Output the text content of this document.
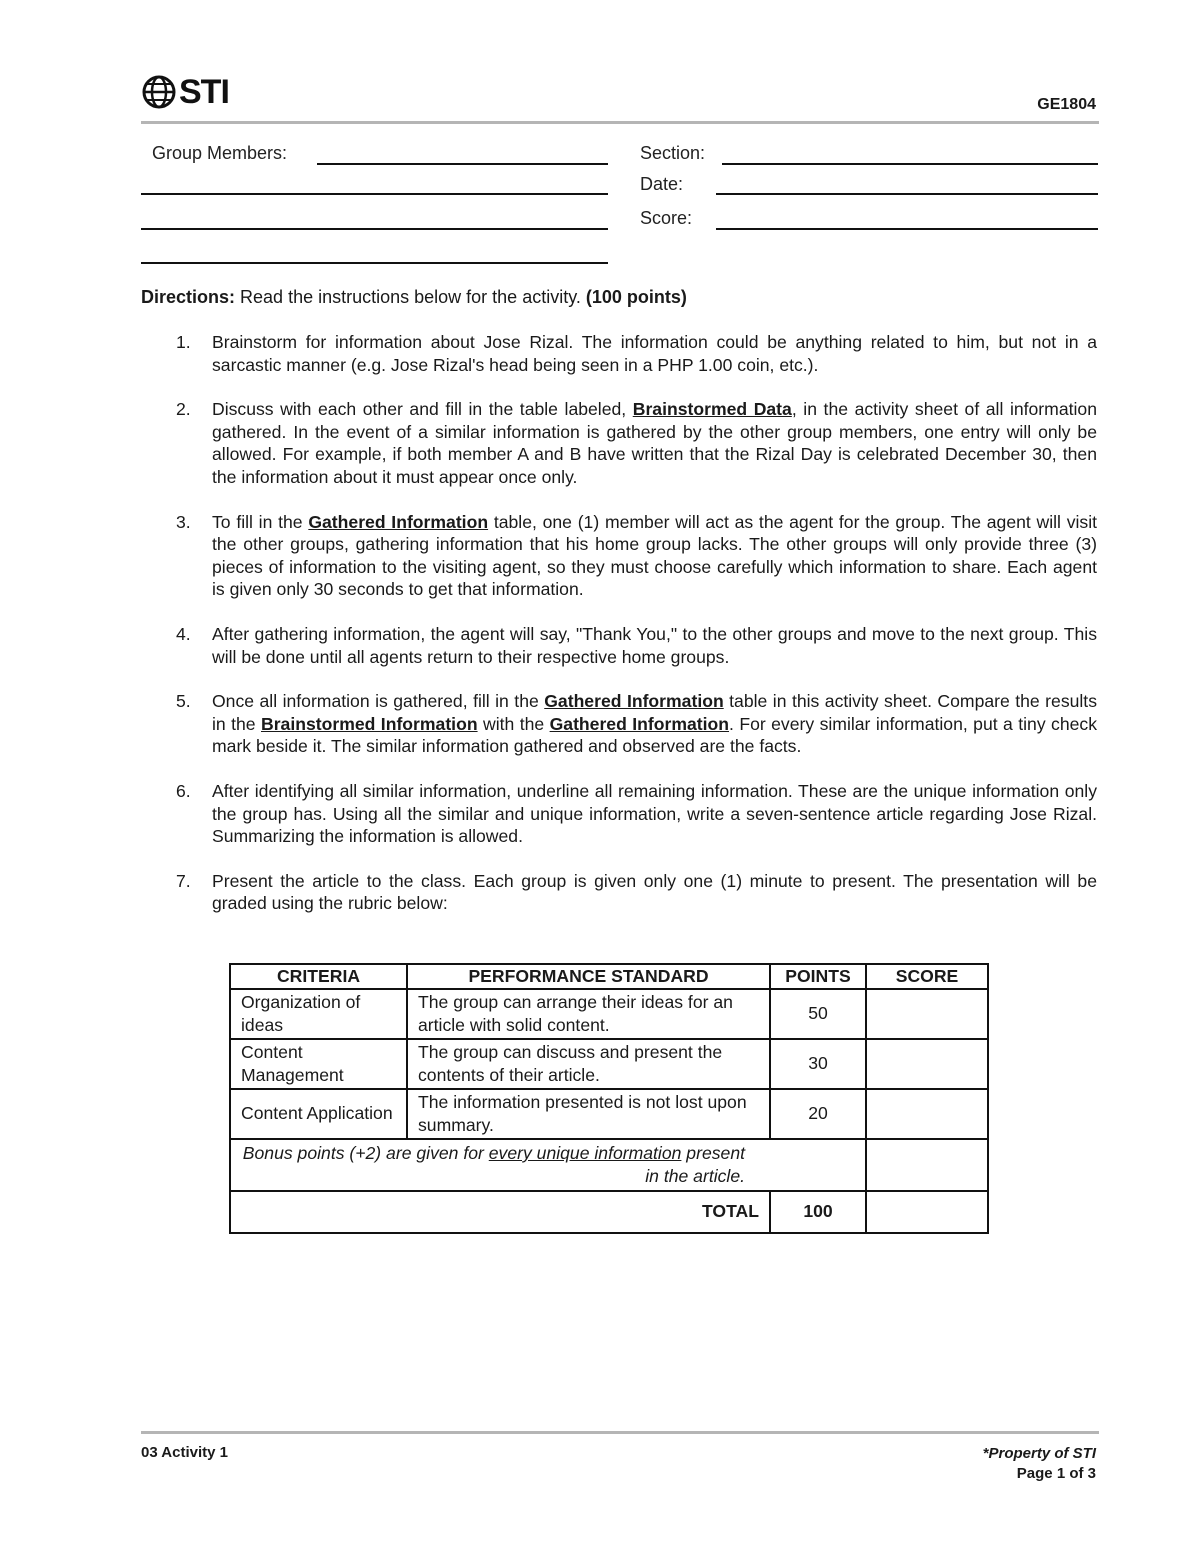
STI	GE1804
Group Members:	Section:
Date:
Score:
Directions: Read the instructions below for the activity. (100 points)
1. Brainstorm for information about Jose Rizal. The information could be anything related to him, but not in a sarcastic manner (e.g. Jose Rizal's head being seen in a PHP 1.00 coin, etc.).
2. Discuss with each other and fill in the table labeled, Brainstormed Data, in the activity sheet of all information gathered. In the event of a similar information is gathered by the other group members, one entry will only be allowed. For example, if both member A and B have written that the Rizal Day is celebrated December 30, then the information about it must appear once only.
3. To fill in the Gathered Information table, one (1) member will act as the agent for the group. The agent will visit the other groups, gathering information that his home group lacks. The other groups will only provide three (3) pieces of information to the visiting agent, so they must choose carefully which information to share. Each agent is given only 30 seconds to get that information.
4. After gathering information, the agent will say, "Thank You," to the other groups and move to the next group. This will be done until all agents return to their respective home groups.
5. Once all information is gathered, fill in the Gathered Information table in this activity sheet. Compare the results in the Brainstormed Information with the Gathered Information. For every similar information, put a tiny check mark beside it. The similar information gathered and observed are the facts.
6. After identifying all similar information, underline all remaining information. These are the unique information only the group has. Using all the similar and unique information, write a seven-sentence article regarding Jose Rizal. Summarizing the information is allowed.
7. Present the article to the class. Each group is given only one (1) minute to present. The presentation will be graded using the rubric below:
CRITERIA	PERFORMANCE STANDARD	POINTS	SCORE
Organization of ideas	The group can arrange their ideas for an article with solid content.	50	
Content Management	The group can discuss and present the contents of their article.	30	
Content Application	The information presented is not lost upon summary.	20	
Bonus points (+2) are given for every unique information present in the article.			
TOTAL		100	
03 Activity 1	*Property of STI
Page 1 of 3
